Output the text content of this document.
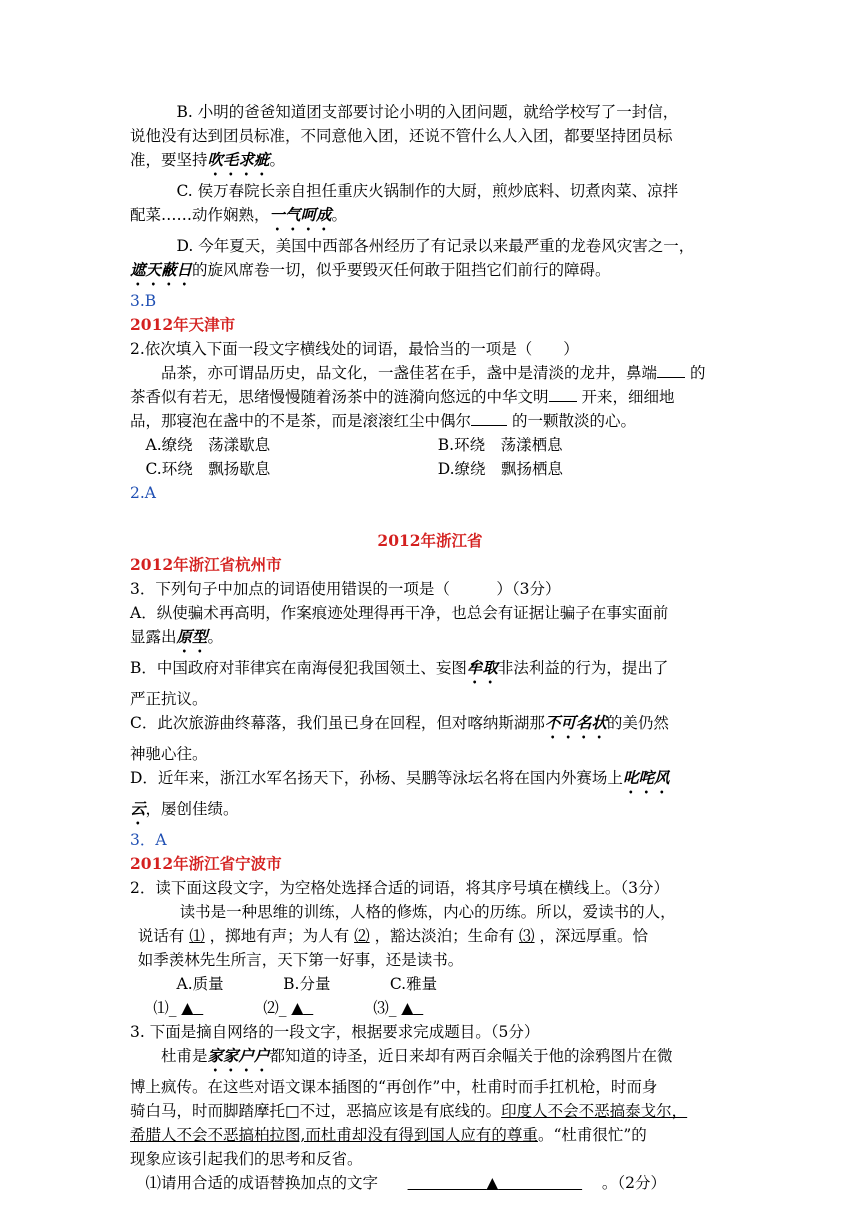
B. 小明的爸爸知道团支部要讨论小明的入团问题，就给学校写了一封信，

说他没有达到团员标准，不同意他入团，还说不管什么人入团，都要坚持团员标

准，要坚持吹毛求疵。

C. 侯万春院长亲自担任重庆火锅制作的大厨，煎炒底料、切煮肉菜、凉拌

配菜……动作娴熟，一气呵成。

D. 今年夏天，美国中西部各州经历了有记录以来最严重的龙卷风灾害之一，

遮天蔽日的旋风席卷一切，似乎要毁灭任何敢于阻挡它们前行的障碍。

3.B

2012年天津市

2.依次填入下面一段文字横线处的词语，最恰当的一项是（　　）

品茶，亦可谓品历史，品文化，一盏佳茗在手，盏中是清淡的龙井，鼻端 的

茶香似有若无，思绪慢慢随着汤茶中的涟漪向悠远的中华文明 开来，细细地

品，那寝泡在盏中的不是茶，而是滚滚红尘中偶尔	的一颗散淡的心。

A.缭绕　荡漾歇息	B.环绕　荡漾栖息
C.环绕　飘扬歇息	D.缭绕　飘扬栖息

2.A

2012年浙江省

2012年浙江省杭州市

3．下列句子中加点的词语使用错误的一项是（　　　）（3分）

A．纵使骗术再高明，作案痕迹处理得再干净，也总会有证据让骗子在事实面前

显露出原型。

B．中国政府对菲律宾在南海侵犯我国领土、妄图牟取非法利益的行为，提出了

严正抗议。

C．此次旅游曲终幕落，我们虽已身在回程，但对喀纳斯湖那不可名状的美仍然

神驰心往。

D．近年来，浙江水军名扬天下，孙杨、吴鹏等泳坛名将在国内外赛场上叱咤风

云，屡创佳绩。

3．A

2012年浙江省宁波市

2．读下面这段文字，为空格处选择合适的词语，将其序号填在横线上。（3分）

读书是一种思维的训练，人格的修炼，内心的历练。所以，爱读书的人，

说话有 ⑴ ，掷地有声；为人有 ⑵ ，豁达淡泊；生命有 ⑶ ，深远厚重。恰

如季羡林先生所言，天下第一好事，还是读书。

A.质量	B.分量	C.雅量
⑴_ ▲	⑵_ ▲	⑶_ ▲

3. 下面是摘自网络的一段文字，根据要求完成题目。（5分）

杜甫是家家户户都知道的诗圣，近日来却有两百余幅关于他的涂鸦图片在微

博上疯传。在这些对语文课本插图的“再创作”中，杜甫时而手扛机枪，时而身

骑白马，时而脚踏摩托□不过，恶搞应该是有底线的。印度人不会不恶搞泰戈尔，

希腊人不会不恶搞柏拉图,而杜甫却没有得到国人应有的尊重。“杜甫很忙”的

现象应该引起我们的思考和反省。

⑴请用合适的成语替换加点的文字	▲	。（2分）
